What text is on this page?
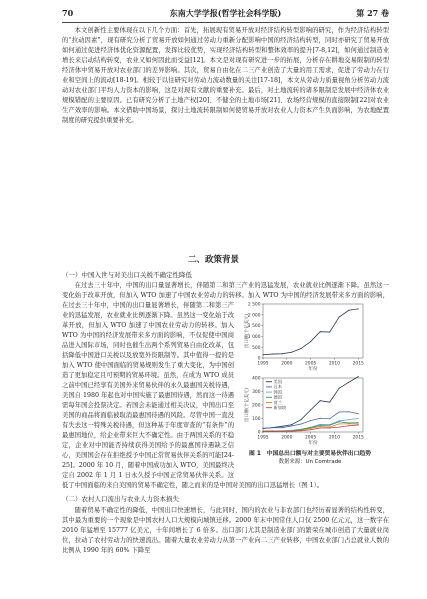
70	东南大学学报(哲学社会科学版)	第 27 卷
本文创新性主要体现在以下几个方面：首先，拓展现有贸易开放对经济结构转型影响的研究，作为经济结构转型的“拉动因素”，现有研究分析了贸易开放如何通过劳动力重新分配影响中国的经济结构转型，同时亦研究了贸易开放如何通过促进经济体优化资源配置，发挥比较优势，实现经济结构转型和整体效率的提升[7-8,12]，如何通过制造业增长来启动结构转变，农业又如何因此而受益[12]。本文是对现有研究进一步的拓展，分析存在耕地交易限制的转型经济体中贸易开放对农业部门的差异影响。其次，贸易自由化在二三产业创造了大量的用工需求，促进了劳动力在行业和空间上的流动[18-19]。相较于以往研究对劳动力流动数量的关注[17-18]，本文从劳动力质量视角分析劳动力流动对农业部门平均人力资本的影响，这是对现有文献的重要补充。最后，对土地流转的诸多限制是发展中经济体农业规模错配的主要原因。已有研究分析了土地产权[20]、不健全的土地市场[21]、农场经营规模的直接限制[22]对农业生产效率的影响。本文借助中国场景，探讨土地流转限制如何使贸易开放对农业人力资本产生负面影响，为农地配置制度的研究提供重要补充。
二、政策背景
（一）中国入世与对美出口关税不确定性降低
在过去三十年中，中国的出口量显著增长，伴随第二和第三产业的迅猛发展，农业就业比例逐渐下降。虽然这一变化始于改革开放，但加入 WTO 加速了中国农业劳动力的转移。加入 WTO 为中国的经济发展带来多方面的影响，
在过去三十年中，中国的出口量显著增长，伴随第二和第三产业的迅猛发展，农业就业比例逐渐下降。虽然这一变化始于改革开放，但加入 WTO 加速了中国农业劳动力的转移。加入 WTO 为中国的经济发展带来多方面的影响，不仅促使中国商品进入国际市场，同时也催生出两个系列贸易自由化改革，包括降低中国进口关税以及放宽外资限制等。其中值得一提的是加入 WTO 使中国面临的贸易规则发生了重大变化，为中国创造了更加稳定且可预期的贸易环境。虽然，在成为 WTO 成员之前中国已经享有美国外来贸易伙伴的永久最惠国关税待遇，美国自 1980 年起也对中国实施了最惠国待遇，然而这一待遇需每年国会投票决定。若国会未能通过相关决议，中国出口至美国的商品将面临被取消最惠国待遇的风险。尽管中国一直没有失去这一特殊关税待遇，但这种基于年度审查的“有条件”的最惠国地位，给企业带来巨大不确定性。由于两国关系的不稳定，企业对中国能否持续获得美国给予的最惠国待遇缺乏信心，美国国会存在拒绝授予中国正常贸易伙伴关系的可能[24-25]。2000 年 10 月，随着中国成功加入 WTO，美国最终决定自 2002 年 1 月 1 日永久授予中国正常贸易伙伴关系。这
0
500
1 000
1 500
2 000
2 500
1995	2000	2005	2010	2015
年份
出口额(十亿美元)
0
100
200
300
400
1995	2000	2005	2010	2015
年份
出口额(十亿美元)
美国
日本
韩国
德国
荷兰
新加坡
图 1　中国总出口额与对主要贸易伙伴出口趋势
数据来源：Un Comtrade
低了中国面临的来自美国的贸易不确定性，随之而来的是中国对美国的出口迅猛增长（图 1）。
（二）农村人口流出与农业人力资本损失
随着贸易不确定性的降低，中国出口快速增长，与此同时，国内的农业与非农部门也经历着显著的结构性转变，其中最为重要的一个现象是中国农村人口大规模向城镇迁移。2000 年末中国常住人口仅 2500 亿元元，这一数字在 2010 年猛增至 15777 亿美元，十年间增长了 6 倍多。出口部门尤其是制造业部门的繁荣在城市创造了大量就业岗位，拉动了农村劳动力的快速流出。随着大量农业劳动力从第一产业向二三产业转移，中国农业部门占总就业人数的比例从 1990 年的 60% 下降至
